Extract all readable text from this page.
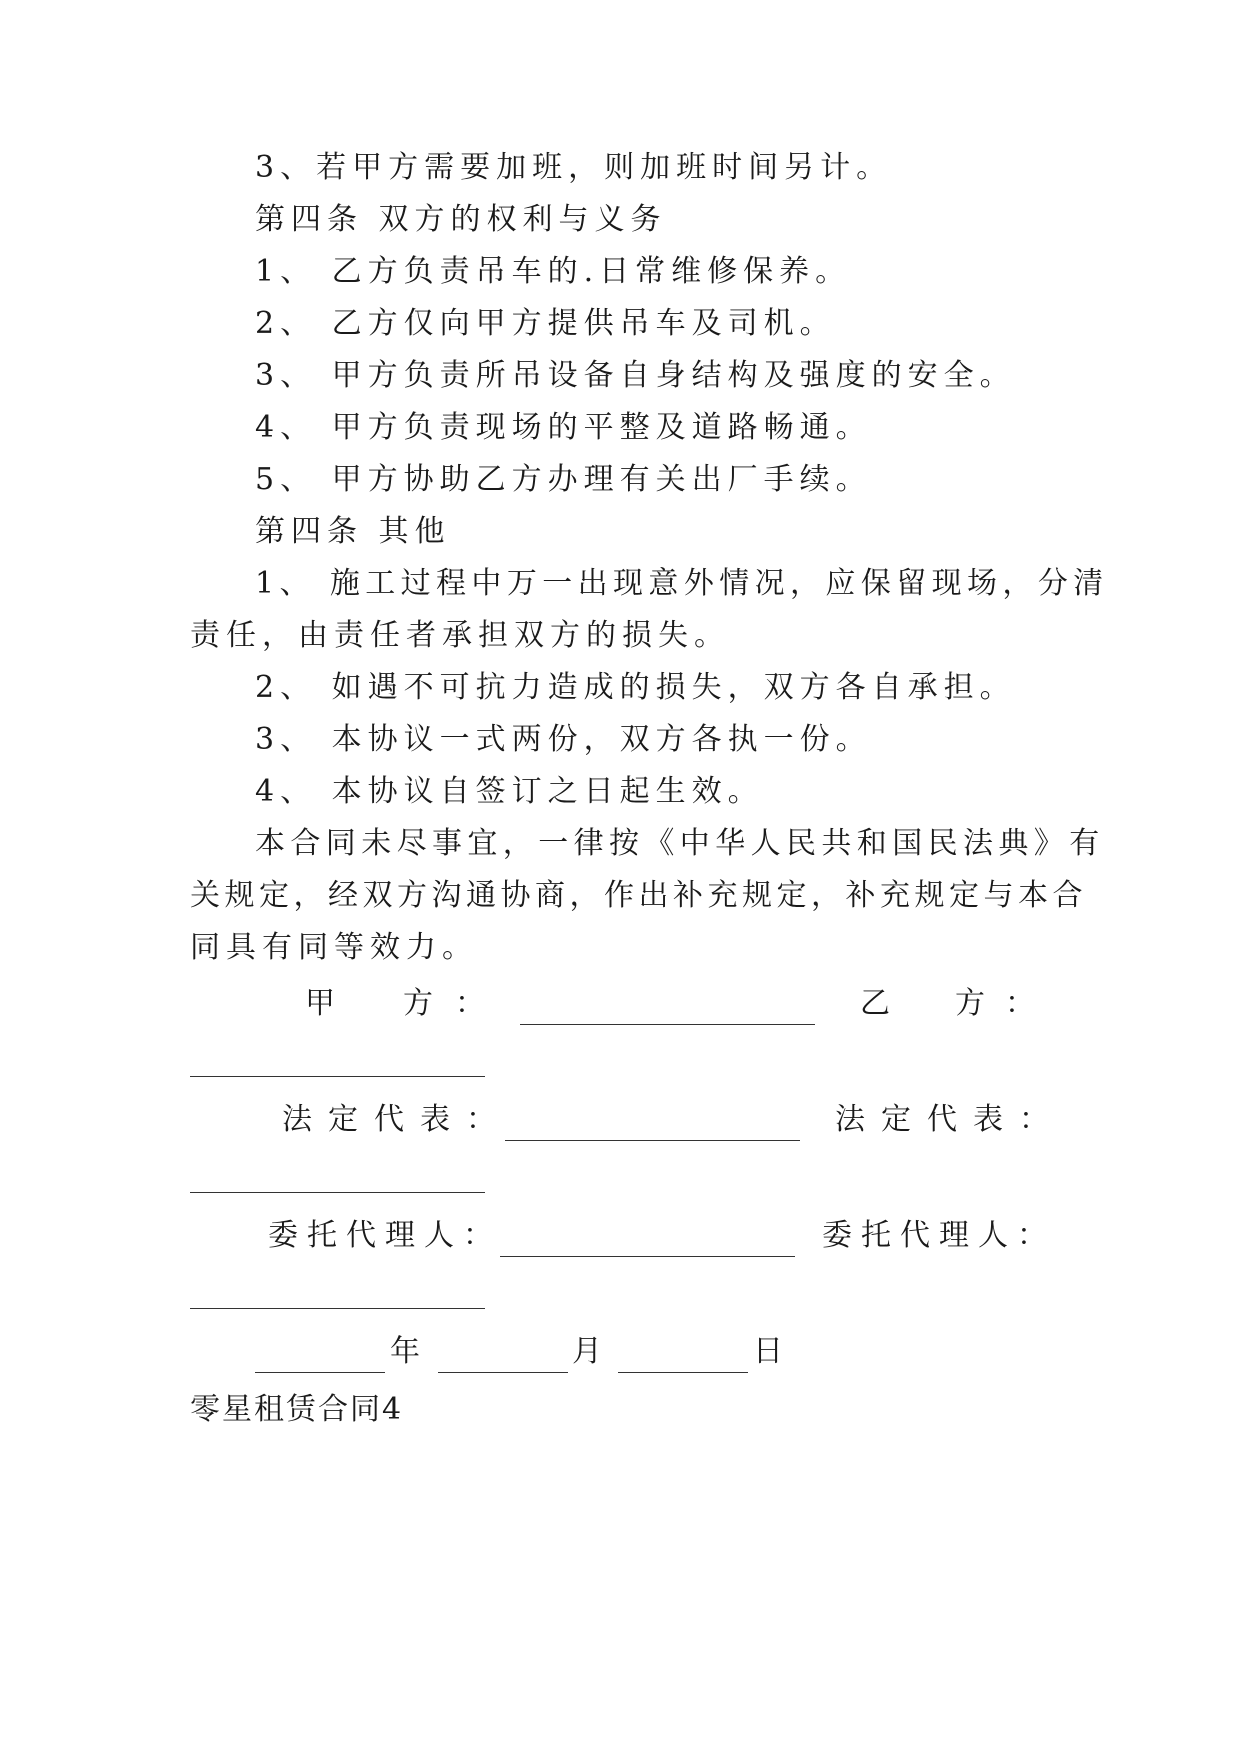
3、若甲方需要加班，则加班时间另计。
第四条 双方的权利与义务
1、 乙方负责吊车的.日常维修保养。
2、 乙方仅向甲方提供吊车及司机。
3、 甲方负责所吊设备自身结构及强度的安全。
4、 甲方负责现场的平整及道路畅通。
5、 甲方协助乙方办理有关出厂手续。
第四条 其他
1、 施工过程中万一出现意外情况，应保留现场，分清
责任，由责任者承担双方的损失。
2、 如遇不可抗力造成的损失，双方各自承担。
3、 本协议一式两份，双方各执一份。
4、 本协议自签订之日起生效。
本合同未尽事宜，一律按《中华人民共和国民法典》有
关规定，经双方沟通协商，作出补充规定，补充规定与本合
同具有同等效力。
甲 方 ：	乙 方 ：
法定代表：	法定代表：
委托代理人：	委托代理人：
年	月	日
零星租赁合同4
